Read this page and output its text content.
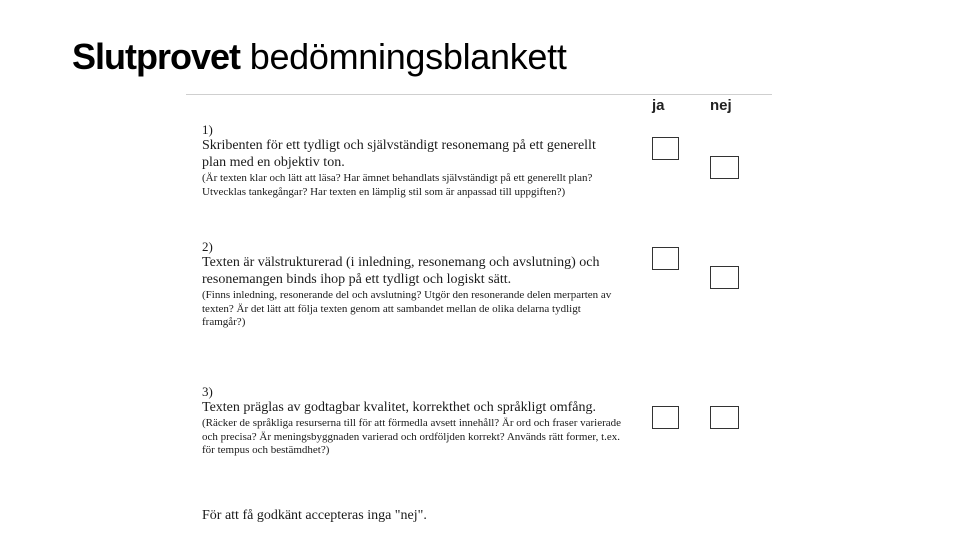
Slutprovet bedömningsblankett
ja	nej
1)
Skribenten för ett tydligt och självständigt resonemang på ett generellt plan med en objektiv ton.
(Är texten klar och lätt att läsa? Har ämnet behandlats självständigt på ett generellt plan? Utvecklas tankegångar? Har texten en lämplig stil som är anpassad till uppgiften?)
2)
Texten är välstrukturerad (i inledning, resonemang och avslutning) och resonemangen binds ihop på ett tydligt och logiskt sätt.
(Finns inledning, resonerande del och avslutning? Utgör den resonerande delen merparten av texten? Är det lätt att följa texten genom att sambandet mellan de olika delarna tydligt framgår?)
3)
Texten präglas av godtagbar kvalitet, korrekthet och språkligt omfång.
(Räcker de språkliga resurserna till för att förmedla avsett innehåll? Är ord och fraser varierade och precisa? Är meningsbyggnaden varierad och ordföljden korrekt? Används rätt former, t.ex. för tempus och bestämdhet?)
För att få godkänt accepteras inga "nej".
